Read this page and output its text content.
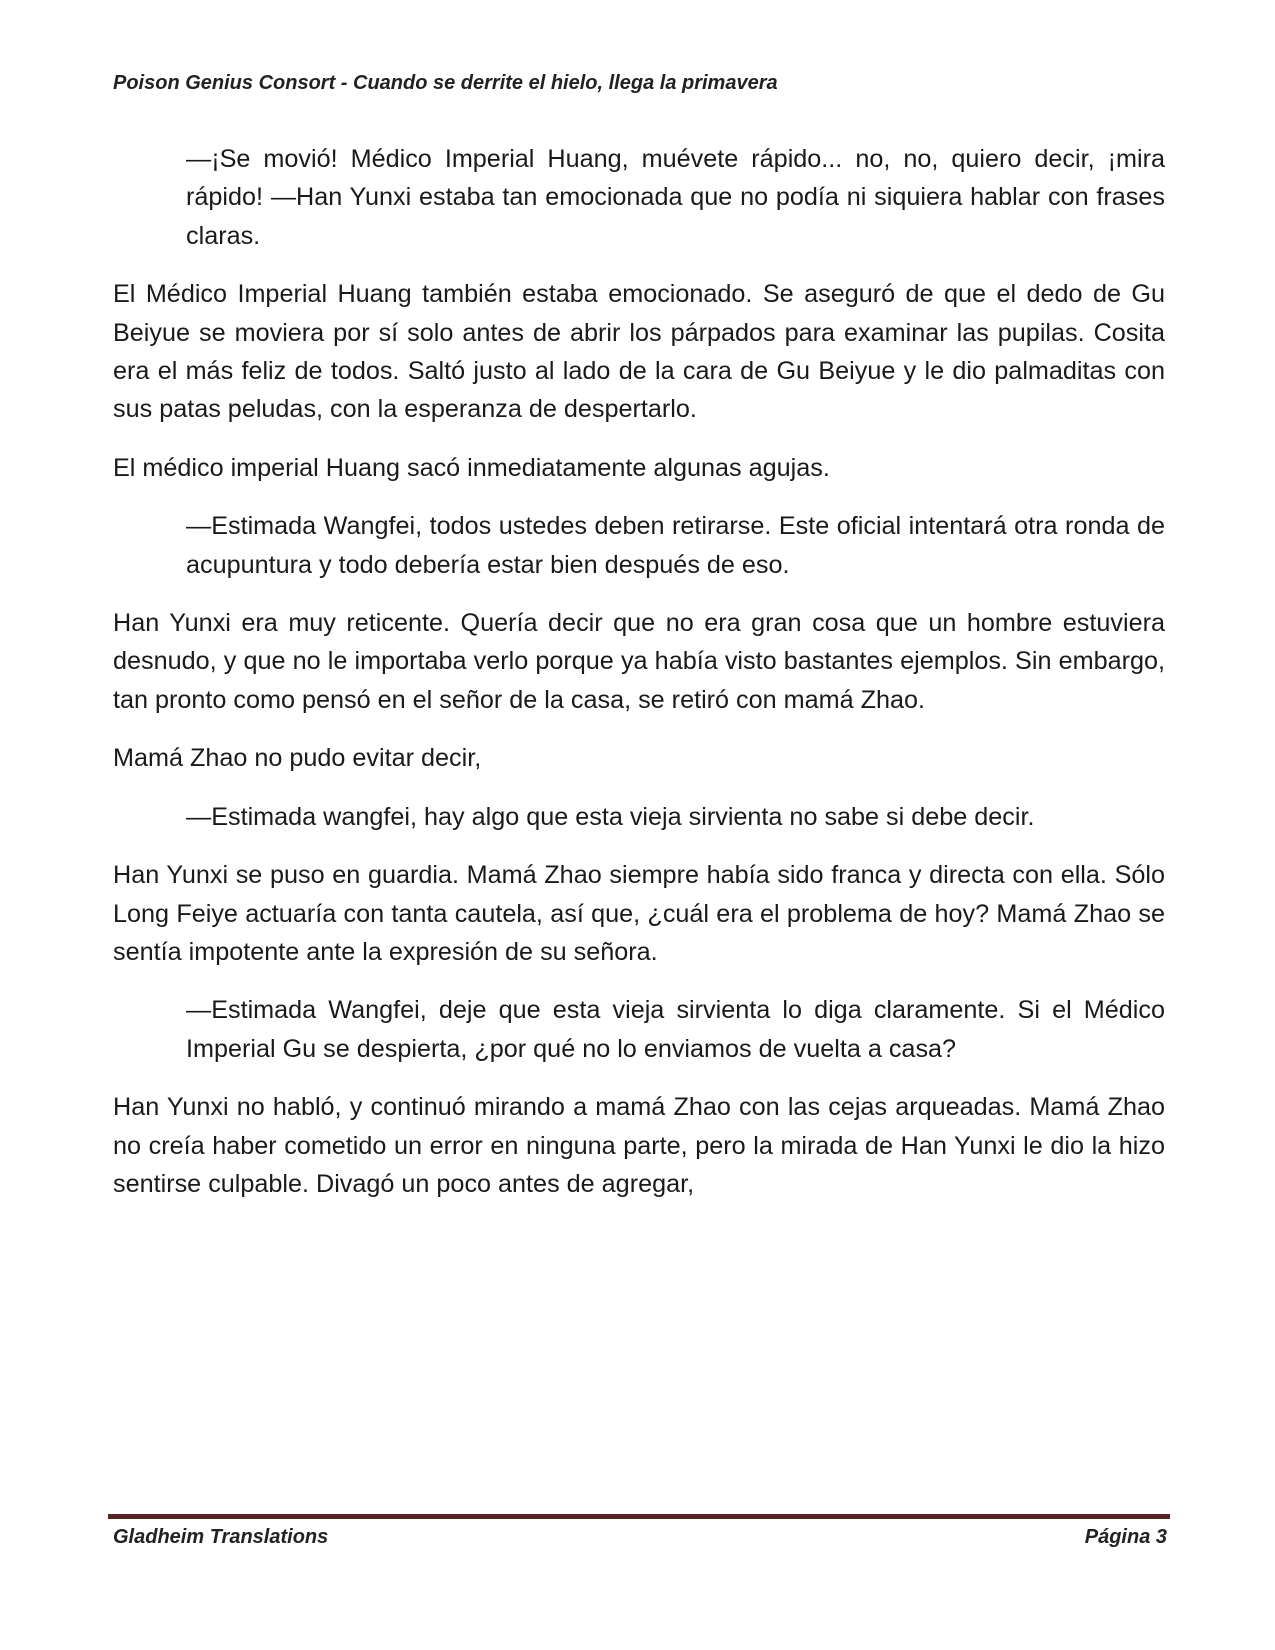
Poison Genius Consort - Cuando se derrite el hielo, llega la primavera

—¡Se movió! Médico Imperial Huang, muévete rápido... no, no, quiero decir, ¡mira rápido! —Han Yunxi estaba tan emocionada que no podía ni siquiera hablar con frases claras.

El Médico Imperial Huang también estaba emocionado. Se aseguró de que el dedo de Gu Beiyue se moviera por sí solo antes de abrir los párpados para examinar las pupilas. Cosita era el más feliz de todos. Saltó justo al lado de la cara de Gu Beiyue y le dio palmaditas con sus patas peludas, con la esperanza de despertarlo.

El médico imperial Huang sacó inmediatamente algunas agujas.

—Estimada Wangfei, todos ustedes deben retirarse. Este oficial intentará otra ronda de acupuntura y todo debería estar bien después de eso.

Han Yunxi era muy reticente. Quería decir que no era gran cosa que un hombre estuviera desnudo, y que no le importaba verlo porque ya había visto bastantes ejemplos. Sin embargo, tan pronto como pensó en el señor de la casa, se retiró con mamá Zhao.

Mamá Zhao no pudo evitar decir,

—Estimada wangfei, hay algo que esta vieja sirvienta no sabe si debe decir.

Han Yunxi se puso en guardia. Mamá Zhao siempre había sido franca y directa con ella. Sólo Long Feiye actuaría con tanta cautela, así que, ¿cuál era el problema de hoy? Mamá Zhao se sentía impotente ante la expresión de su señora.

—Estimada Wangfei, deje que esta vieja sirvienta lo diga claramente. Si el Médico Imperial Gu se despierta, ¿por qué no lo enviamos de vuelta a casa?

Han Yunxi no habló, y continuó mirando a mamá Zhao con las cejas arqueadas. Mamá Zhao no creía haber cometido un error en ninguna parte, pero la mirada de Han Yunxi le dio la hizo sentirse culpable. Divagó un poco antes de agregar,

Gladheim Translations	Página 3
